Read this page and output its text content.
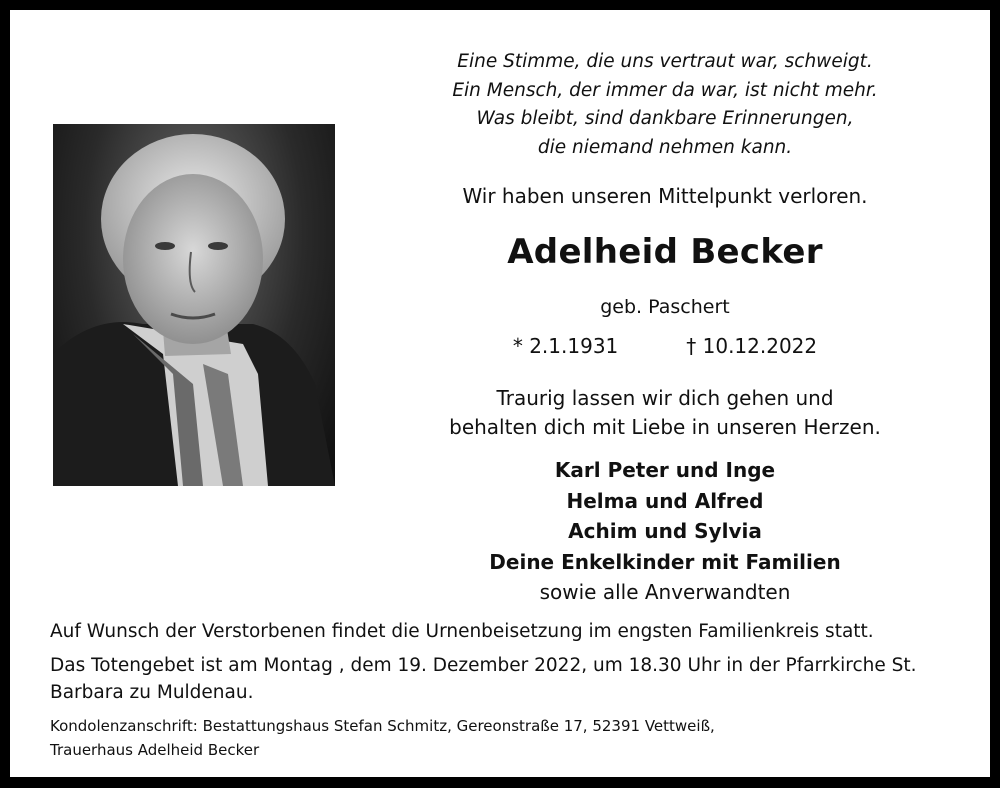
Eine Stimme, die uns vertraut war, schweigt.
Ein Mensch, der immer da war, ist nicht mehr.
Was bleibt, sind dankbare Erinnerungen,
die niemand nehmen kann.
Wir haben unseren Mittelpunkt verloren.
Adelheid Becker
geb. Paschert
* 2.1.1931	† 10.12.2022
Traurig lassen wir dich gehen und
behalten dich mit Liebe in unseren Herzen.
Karl Peter und Inge
Helma und Alfred
Achim und Sylvia
Deine Enkelkinder mit Familien
sowie alle Anverwandten
Auf Wunsch der Verstorbenen findet die Urnenbeisetzung im engsten Familienkreis statt.
Das Totengebet ist am Montag , dem 19. Dezember 2022, um 18.30 Uhr in der Pfarrkirche St. Barbara zu Muldenau.
Kondolenzanschrift: Bestattungshaus Stefan Schmitz, Gereonstraße 17, 52391 Vettweiß,
Trauerhaus Adelheid Becker
